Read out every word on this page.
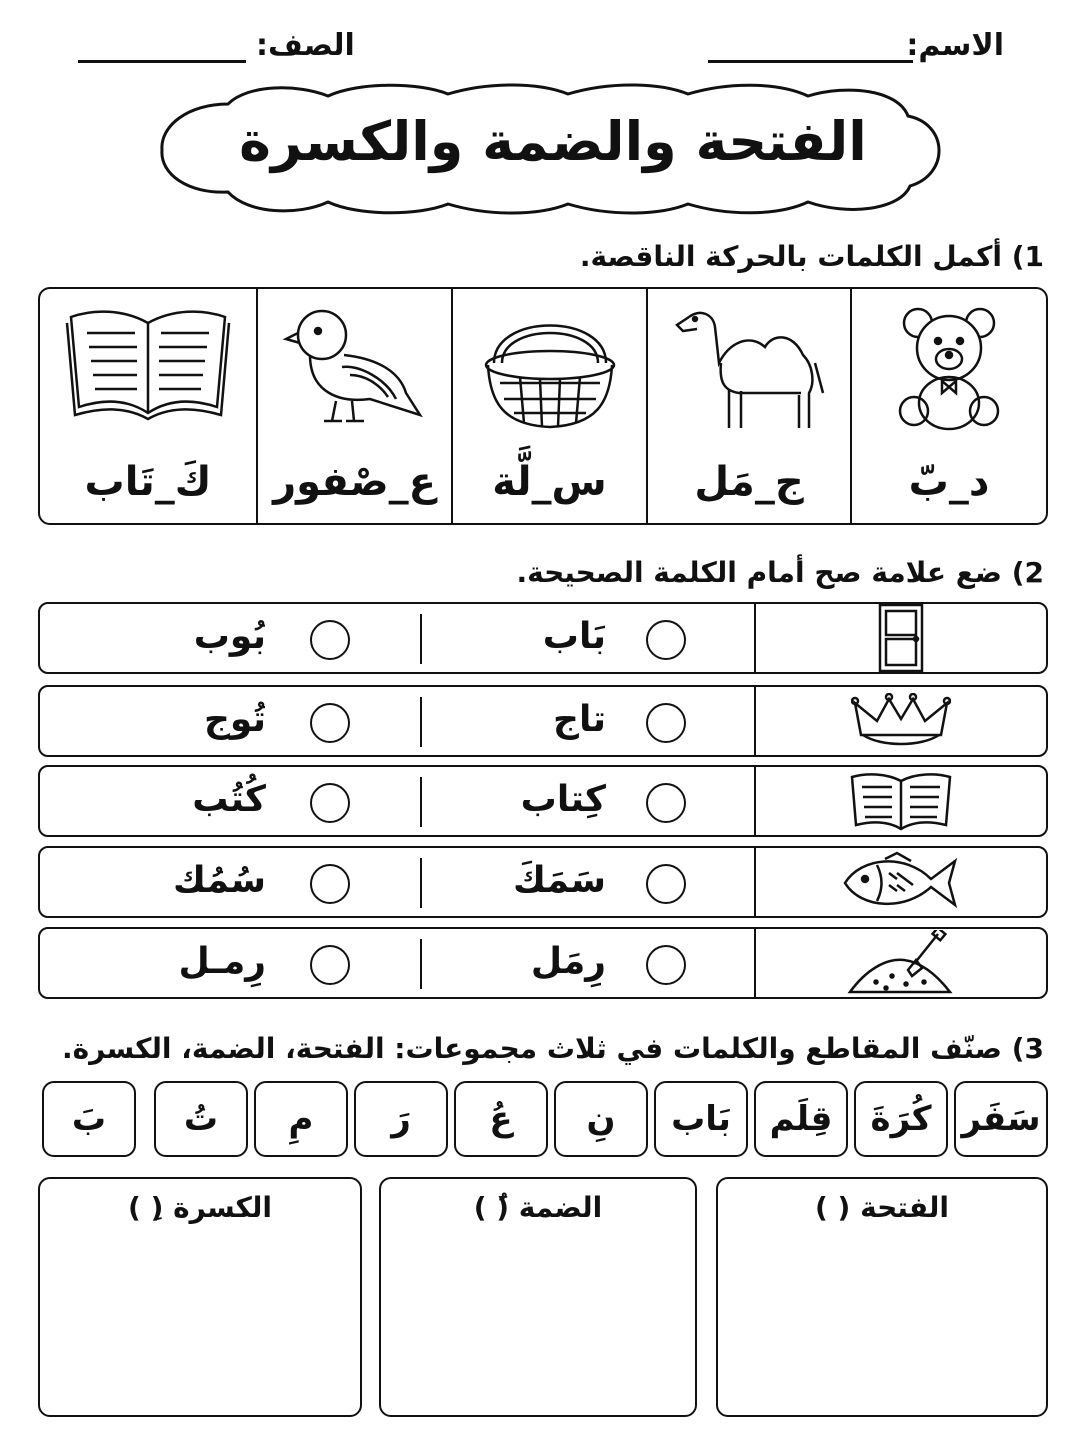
الاسم:
الصف:
الفتحة والضمة والكسرة
1) أكمل الكلمات بالحركة الناقصة.
د_بّ
ج_مَل
س_لَّة
ع_صْفور
كَ_تَاب
2) ضع علامة صح أمام الكلمة الصحيحة.
بَاب
بُوب
تاج
تُوج
كِتاب
كُتُب
سَمَكَ
سُمُك
رِمَل
رِمـل
3) صنّف المقاطع والكلمات في ثلاث مجموعات: الفتحة، الضمة، الكسرة.
سَفَر
كُرَةَ
قِلَم
بَاب
نِ
عُ
رَ
مِ
تُ
بَ
الفتحة ( )
الضمة (ُ )
الكسرة (ِ )
